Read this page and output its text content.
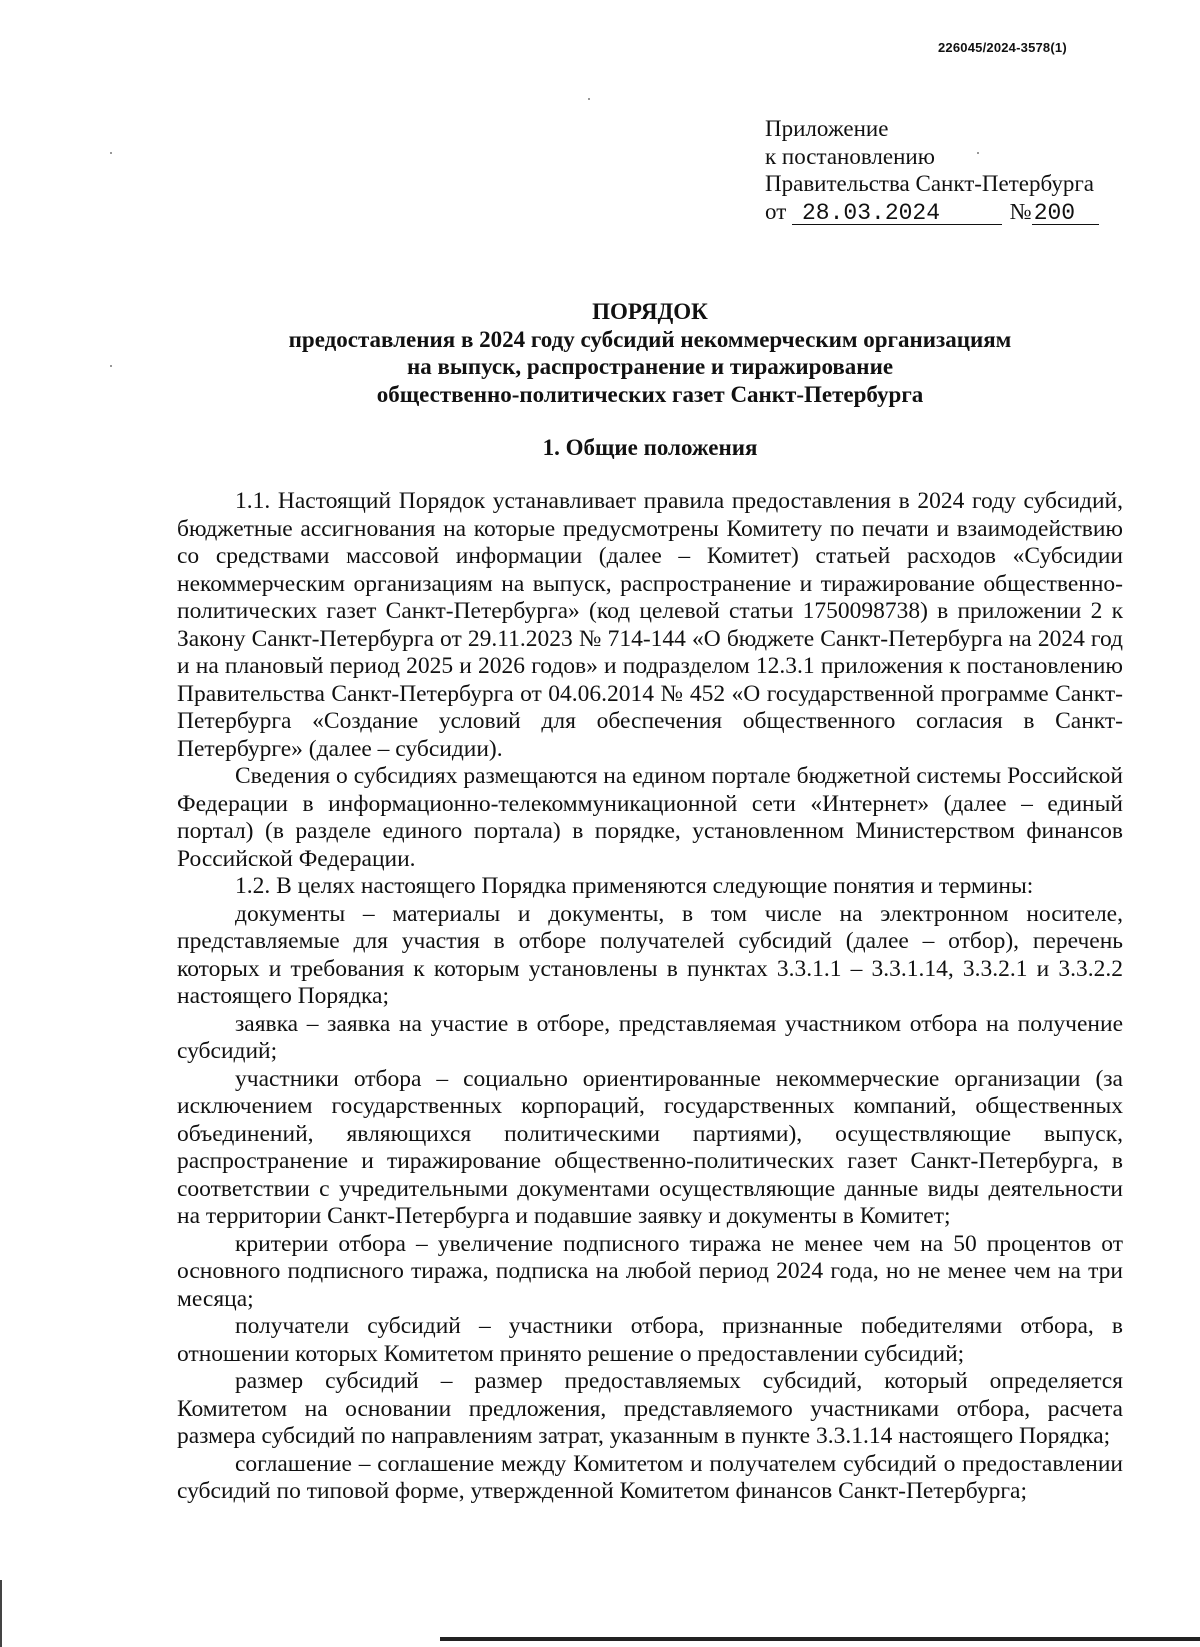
226045/2024-3578(1)
Приложение
к постановлению
Правительства Санкт-Петербурга
от 28.03.2024	№200
ПОРЯДОК
предоставления в 2024 году субсидий некоммерческим организациям
на выпуск, распространение и тиражирование
общественно-политических газет Санкт-Петербурга
1. Общие положения

1.1. Настоящий Порядок устанавливает правила предоставления в 2024 году субсидий, бюджетные ассигнования на которые предусмотрены Комитету по печати и взаимодействию со средствами массовой информации (далее – Комитет) статьей расходов «Субсидии некоммерческим организациям на выпуск, распространение и тиражирование общественно-политических газет Санкт-Петербурга» (код целевой статьи 1750098738) в приложении 2 к Закону Санкт-Петербурга от 29.11.2023 № 714-144 «О бюджете Санкт-Петербурга на 2024 год и на плановый период 2025 и 2026 годов» и подразделом 12.3.1 приложения к постановлению Правительства Санкт-Петербурга от 04.06.2014 № 452 «О государственной программе Санкт-Петербурга «Создание условий для обеспечения общественного согласия в Санкт-Петербурге» (далее – субсидии).

Сведения о субсидиях размещаются на едином портале бюджетной системы Российской Федерации в информационно-телекоммуникационной сети «Интернет» (далее – единый портал) (в разделе единого портала) в порядке, установленном Министерством финансов Российской Федерации.

1.2. В целях настоящего Порядка применяются следующие понятия и термины:

документы – материалы и документы, в том числе на электронном носителе, представляемые для участия в отборе получателей субсидий (далее – отбор), перечень которых и требования к которым установлены в пунктах 3.3.1.1 – 3.3.1.14, 3.3.2.1 и 3.3.2.2 настоящего Порядка;

заявка – заявка на участие в отборе, представляемая участником отбора на получение субсидий;

участники отбора – социально ориентированные некоммерческие организации (за исключением государственных корпораций, государственных компаний, общественных объединений, являющихся политическими партиями), осуществляющие выпуск, распространение и тиражирование общественно-политических газет Санкт-Петербурга, в соответствии с учредительными документами осуществляющие данные виды деятельности на территории Санкт-Петербурга и подавшие заявку и документы в Комитет;

критерии отбора – увеличение подписного тиража не менее чем на 50 процентов от основного подписного тиража, подписка на любой период 2024 года, но не менее чем на три месяца;

получатели субсидий – участники отбора, признанные победителями отбора, в отношении которых Комитетом принято решение о предоставлении субсидий;

размер субсидий – размер предоставляемых субсидий, который определяется Комитетом на основании предложения, представляемого участниками отбора, расчета размера субсидий по направлениям затрат, указанным в пункте 3.3.1.14 настоящего Порядка;

соглашение – соглашение между Комитетом и получателем субсидий о предоставлении субсидий по типовой форме, утвержденной Комитетом финансов Санкт-Петербурга;
